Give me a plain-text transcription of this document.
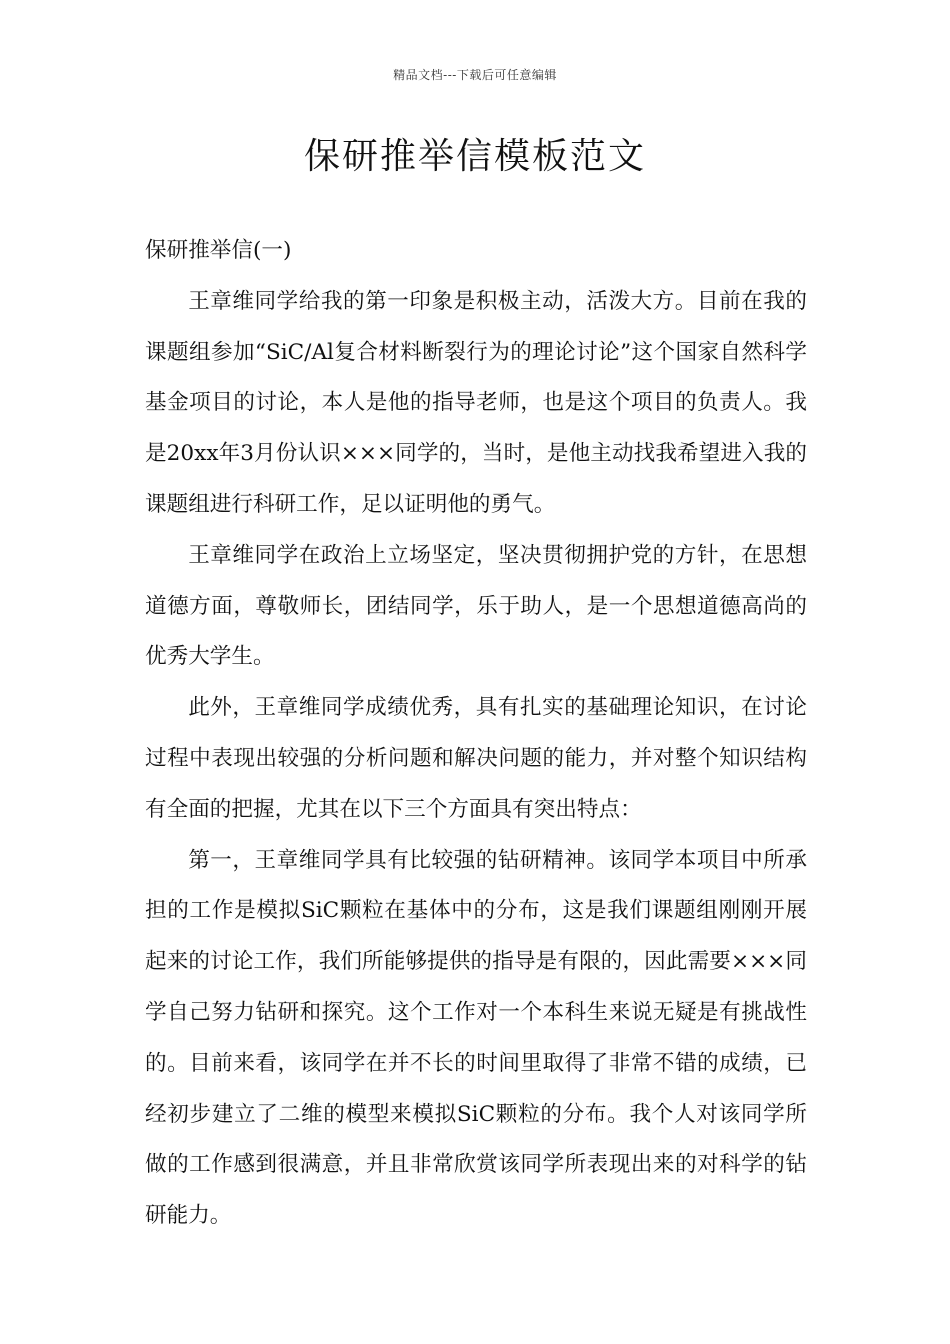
精品文档---下载后可任意编辑
保研推举信模板范文

保研推举信(一)

王章维同学给我的第一印象是积极主动，活泼大方。目前在我的课题组参加“SiC/Al复合材料断裂行为的理论讨论”这个国家自然科学基金项目的讨论，本人是他的指导老师，也是这个项目的负责人。我是20xx年3月份认识×××同学的，当时，是他主动找我希望进入我的课题组进行科研工作，足以证明他的勇气。

王章维同学在政治上立场坚定，坚决贯彻拥护党的方针，在思想道德方面，尊敬师长，团结同学，乐于助人，是一个思想道德高尚的优秀大学生。

此外，王章维同学成绩优秀，具有扎实的基础理论知识，在讨论过程中表现出较强的分析问题和解决问题的能力，并对整个知识结构有全面的把握，尤其在以下三个方面具有突出特点：

第一，王章维同学具有比较强的钻研精神。该同学本项目中所承担的工作是模拟SiC颗粒在基体中的分布，这是我们课题组刚刚开展起来的讨论工作，我们所能够提供的指导是有限的，因此需要×××同学自己努力钻研和探究。这个工作对一个本科生来说无疑是有挑战性的。目前来看，该同学在并不长的时间里取得了非常不错的成绩，已经初步建立了二维的模型来模拟SiC颗粒的分布。我个人对该同学所做的工作感到很满意，并且非常欣赏该同学所表现出来的对科学的钻研能力。
